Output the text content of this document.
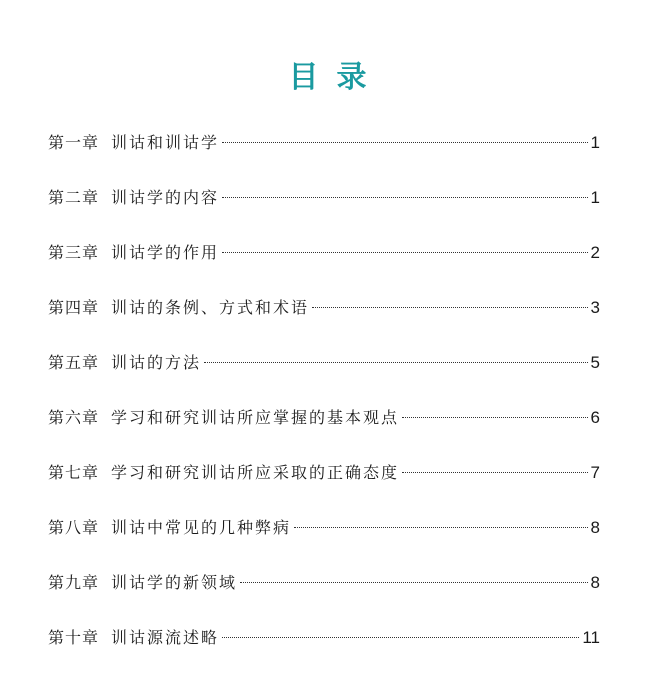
目录
第一章 训诂和训诂学	1
第二章 训诂学的内容	1
第三章 训诂学的作用	2
第四章 训诂的条例、方式和术语	3
第五章 训诂的方法	5
第六章 学习和研究训诂所应掌握的基本观点	6
第七章 学习和研究训诂所应采取的正确态度	7
第八章 训诂中常见的几种弊病	8
第九章 训诂学的新领域	8
第十章 训诂源流述略	11
